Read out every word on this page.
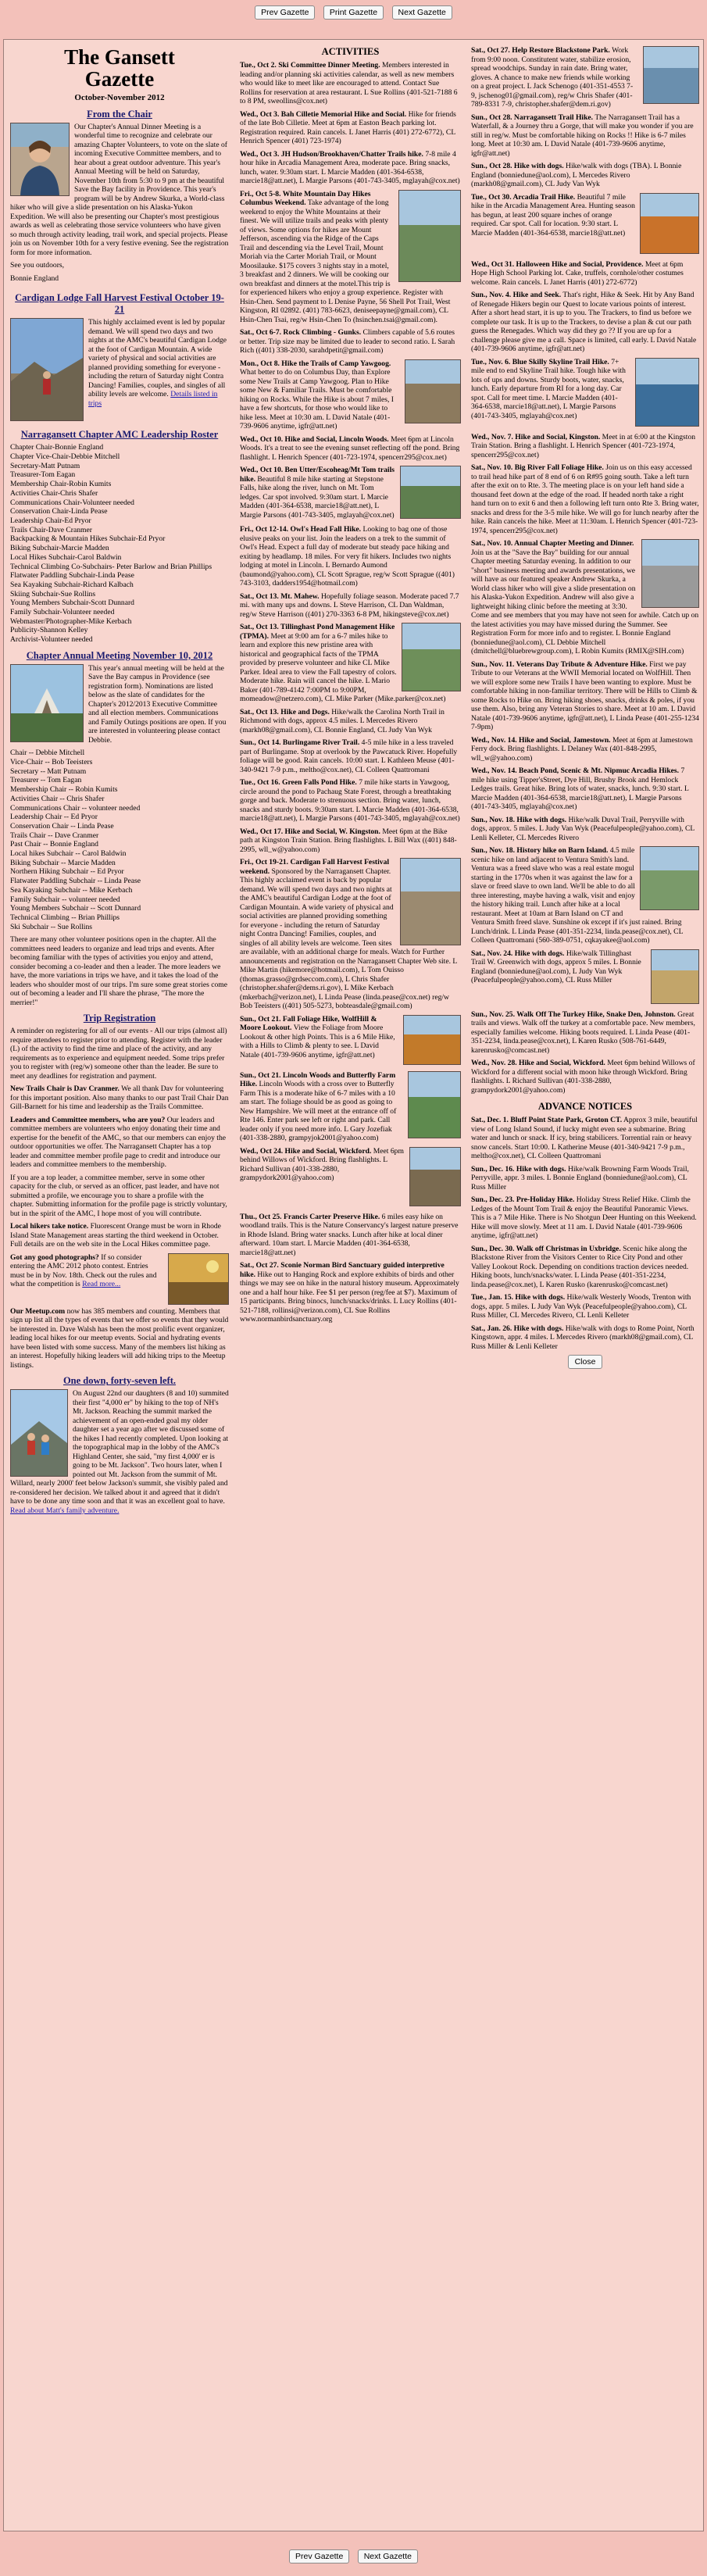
Prev Gazette	Print Gazette	Next Gazette
The Gansett
Gazette
October-November 2012
From the Chair

Our Chapter's Annual Dinner Meeting is a wonderful time to recognize and celebrate our amazing Chapter Volunteers, to vote on the slate of incoming Executive Committee members, and to hear about a great outdoor adventure. This year's Annual Meeting will be held on Saturday, November 10th from 5:30 to 9 pm at the beautiful Save the Bay facility in Providence. This year's program will be by Andrew Skurka, a World-class hiker who will give a slide presentation on his Alaska-Yukon Expedition. We will also be presenting our Chapter's most prestigious awards as well as celebrating those service volunteers who have given so much through activity leading, trail work, and special projects. Please join us on November 10th for a very festive evening. See the registration form for more information.

See you outdoors,

Bonnie England

Cardigan Lodge Fall Harvest Festival October 19-21

This highly acclaimed event is led by popular demand. We will spend two days and two nights at the AMC's beautiful Cardigan Lodge at the foot of Cardigan Mountain. A wide variety of physical and social activities are planned providing something for everyone - including the return of Saturday night Contra Dancing! Families, couples, and singles of all ability levels are welcome. Details listed in trips

Narragansett Chapter AMC Leadership Roster
Chapter Chair-Bonnie England
Chapter Vice-Chair-Debbie Mitchell
Secretary-Matt Putnam
Treasurer-Tom Eagan
Membership Chair-Robin Kumits
Activities Chair-Chris Shafer
Communications Chair-Volunteer needed
Conservation Chair-Linda Pease
Leadership Chair-Ed Pryor
Trails Chair-Dave Cranmer
Backpacking & Mountain Hikes Subchair-Ed Pryor
Biking Subchair-Marcie Madden
Local Hikes Subchair-Carol Baldwin
Technical Climbing Co-Subchairs- Peter Barlow and Brian Phillips
Flatwater Paddling Subchair-Linda Pease
Sea Kayaking Subchair-Richard Kalbach
Skiing Subchair-Sue Rollins
Young Members Subchair-Scott Dunnard
Family Subchair-Volunteer needed
Webmaster/Photographer-Mike Kerbach
Publicity-Shannon Kelley
Archivist-Volunteer needed
Chapter Annual Meeting November 10, 2012

This year's annual meeting will be held at the Save the Bay campus in Providence (see registration form). Nominations are listed below as the slate of candidates for the Chapter's 2012/2013 Executive Committee and all election members. Communications and Family Outings positions are open. If you are interested in volunteering please contact Debbie.

Chair -- Debbie Mitchell
Vice-Chair -- Bob Teeisters
Secretary -- Matt Putnam
Treasurer -- Tom Eagan
Membership Chair -- Robin Kumits
Activities Chair -- Chris Shafer
Communications Chair -- volunteer needed
Leadership Chair -- Ed Pryor
Conservation Chair -- Linda Pease
Trails Chair -- Dave Cranmer
Past Chair -- Bonnie England
Local hikes Subchair -- Carol Baldwin
Biking Subchair -- Marcie Madden
Northern Hiking Subchair -- Ed Pryor
Flatwater Paddling Subchair -- Linda Pease
Sea Kayaking Subchair -- Mike Kerbach
Family Subchair -- volunteer needed
Young Members Subchair -- Scott Dunnard
Technical Climbing -- Brian Phillips
Ski Subchair -- Sue Rollins

There are many other volunteer positions open in the chapter. All the committees need leaders to organize and lead trips and events. After becoming familiar with the types of activities you enjoy and attend, consider becoming a co-leader and then a leader. The more leaders we have, the more variations in trips we have, and it takes the load of the leaders who shoulder most of our trips. I'm sure some great stories come out of becoming a leader and I'll share the phrase, "The more the merrier!"

Trip Registration

A reminder on registering for all of our events - All our trips (almost all) require attendees to register prior to attending. Register with the leader (L) of the activity to find the time and place of the activity, and any requirements as to experience and equipment needed. Some trips prefer you to register with (reg/w) someone other than the leader. Be sure to meet any deadlines for registration and payment.

New Trails Chair is Dav Cranmer. We all thank Dav for volunteering for this important position. Also many thanks to our past Trail Chair Dan Gill-Barnett for his time and leadership as the Trails Committee.

Leaders and Committee members, who are you? Our leaders and committee members are volunteers who enjoy donating their time and expertise for the benefit of the AMC, so that our members can enjoy the outdoor opportunities we offer. The Narragansett Chapter has a top leader and committee member profile page to credit and introduce our leaders and committee members to the membership.

If you are a top leader, a committee member, serve in some other capacity for the club, or served as an officer, past leader, and have not submitted a profile, we encourage you to share a profile with the chapter. Submitting information for the profile page is strictly voluntary, but in the spirit of the AMC, I hope most of you will contribute.

Local hikers take notice. Fluorescent Orange must be worn in Rhode Island State Management areas starting the third weekend in October. Full details are on the web site in the Local Hikes committee page.

Got any good photographs? If so consider entering the AMC 2012 photo contest. Entries must be in by Nov. 18th. Check out the rules and what the competition is Read more...

Our Meetup.com now has 385 members and counting. Members that sign up list all the types of events that we offer so events that they would be interested in. Dave Walsh has been the most prolific event organizer, leading local hikes for our meetup events. Social and hydrating events have been listed with some success. Many of the members list hiking as an interest. Hopefully hiking leaders will add hiking trips to the Meetup listings.

One down, forty-seven left.

On August 22nd our daughters (8 and 10) summited their first "4,000 er" by hiking to the top of NH's Mt. Jackson. Reaching the summit marked the achievement of an open-ended goal my older daughter set a year ago after we discussed some of the hikes I had recently completed. Upon looking at the topographical map in the lobby of the AMC's Highland Center, she said, "my first 4,000' er is going to be Mt. Jackson". Two hours later, when I pointed out Mt. Jackson from the summit of Mt. Willard, nearly 2000' feet below Jackson's summit, she visibly paled and re-considered her decision. We talked about it and agreed that it didn't have to be done any time soon and that it was an excellent goal to have. Read about Matt's family adventure.

ACTIVITIES
Tue., Oct 2. Ski Committee Dinner Meeting. Members interested in leading and/or planning ski activities calendar, as well as new members who would like to meet like are encouraged to attend. Contact Sue Rollins for reservation at area restaurant. L Sue Rollins (401-521-7188 6 to 8 PM, sweollins@cox.net)
Wed., Oct 3. Bah Cilletie Memorial Hike and Social. Hike for friends of the late Bob Cilletie. Meet at 6pm at Easton Beach parking lot. Registration required. Rain cancels. L Janet Harris (401) 272-6772), CL Henrich Spencer (401) 723-1974)
Wed., Oct 3. JH Hudson/Brookhaven/Chatter Trails hike. 7-8 mile 4 hour hike in Arcadia Management Area, moderate pace. Bring snacks, lunch, water. 9:30am start. L Marcie Madden (401-364-6538, marcie18@att.net), L Margie Parsons (401-743-3405, mglayah@cox.net)
Fri., Oct 5-8. White Mountain Day Hikes Columbus Weekend. Take advantage of the long weekend to enjoy the White Mountains at their finest. We will utilize trails and peaks with plenty of views. Some options for hikes are Mount Jefferson, ascending via the Ridge of the Caps Trail and descending via the Level Trail, Mount Moriah via the Carter Moriah Trail, or Mount Moosilauke. $175 covers 3 nights stay in a motel, 3 breakfast and 2 dinners. We will be cooking our own breakfast and dinners at the motel.This trip is for experienced hikers who enjoy a group experience. Register with Hsin-Chen. Send payment to L Denise Payne, 56 Shell Pot Trail, West Kingston, RI 02892. (401) 783-6623, deniseepayne@gmail.com), CL Hsin-Chen Tsai, reg/w Hsin-Chen To (hsinchen.tsai@gmail.com).
Sat., Oct 6-7. Rock Climbing - Gunks. Climbers capable of 5.6 routes or better. Trip size may be limited due to leader to second ratio. L Sarah Rich ((401) 338-2030, sarahdpetit@gmail.com)
Mon., Oct 8. Hike the Trails of Camp Yawgoog. What better to do on Columbus Day, than Explore some New Trails at Camp Yawgoog. Plan to Hike some New & Familiar Trails. Must be comfortable hiking on Rocks. While the Hike is about 7 miles, I have a few shortcuts, for those who would like to hike less. Meet at 10:30 am. L David Natale (401-739-9606 anytime, igfr@att.net)
Wed., Oct 10. Hike and Social, Lincoln Woods. Meet 6pm at Lincoln Woods. It's a treat to see the evening sunset reflecting off the pond. Bring flashlight. L Henrich Spencer (401-723-1974, spencerr295@cox.net)
Wed., Oct 10. Ben Utter/Escoheag/Mt Tom trails hike. Beautiful 8 mile hike starting at Stepstone Falls, hike along the river, lunch on Mt. Tom ledges. Car spot involved. 9:30am start. L Marcie Madden (401-364-6538, marcie18@att.net), L Margie Parsons (401-743-3405, mglayah@cox.net)
Fri., Oct 12-14. Owl's Head Fall Hike. Looking to bag one of those elusive peaks on your list. Join the leaders on a trek to the summit of Owl's Head. Expect a full day of moderate but steady pace hiking and exiting by headlamp. 18 miles. For very fit hikers. Includes two nights lodging at motel in Lincoln. L Bernardo Aumond (baumond@yahoo.com), CL Scott Sprague, reg/w Scott Sprague ((401) 743-3103, dadders1954@hotmail.com)
Sat., Oct 13. Mt. Mahew. Hopefully foliage season. Moderate paced 7.7 mi. with many ups and downs. L Steve Harrison, CL Dan Waldman, reg/w Steve Harrison ((401) 270-3363 6-8 PM, hikingsteve@cox.net)
Sat., Oct 13. Tillinghast Pond Management Hike (TPMA). Meet at 9:00 am for a 6-7 miles hike to learn and explore this new pristine area with historical and geographical facts of the TPMA provided by preserve volunteer and hike CL Mike Parker. Ideal area to view the Fall tapestry of colors. Moderate hike. Rain will cancel the hike. L Mario Baker (401-789-4142 7:00PM to 9:00PM, momeadow@netzero.com), CL Mike Parker (Mike.parker@cox.net)
Sat., Oct 13. Hike and Dogs. Hike/walk the Carolina North Trail in Richmond with dogs, approx 4.5 miles. L Mercedes Rivero (markh08@gmail.com), CL Bonnie England, CL Judy Van Wyk
Sun., Oct 14. Burlingame River Trail. 4-5 mile hike in a less traveled part of Burlingame. Stop at overlook by the Pawcatuck River. Hopefully foliage will be good. Rain cancels. 10:00 start. L Kathleen Meuse (401-340-9421 7-9 p.m., meltho@cox.net), CL Colleen Quattromani
Tue., Oct 16. Green Falls Pond Hike. 7 mile hike starts in Yawgoog, circle around the pond to Pachaug State Forest, through a breathtaking gorge and back. Moderate to strenuous section. Bring water, lunch, snacks and sturdy boots. 9:30am start. L Marcie Madden (401-364-6538, marcie18@att.net), L Margie Parsons (401-743-3405, mglayah@cox.net)
Wed., Oct 17. Hike and Social, W. Kingston. Meet 6pm at the Bike path at Kingston Train Station. Bring flashlights. L Bill Wax ((401) 848-2995, wll_w@yahoo.com)
Fri., Oct 19-21. Cardigan Fall Harvest Festival weekend. Sponsored by the Narragansett Chapter. This highly acclaimed event is back by popular demand. We will spend two days and two nights at the AMC's beautiful Cardigan Lodge at the foot of Cardigan Mountain. A wide variety of physical and social activities are planned providing something for everyone - including the return of Saturday night Contra Dancing! Families, couples, and singles of all ability levels are welcome. Teen sites are available, with an additional charge for meals. Watch for Further announcements and registration on the Narragansett Chapter Web site. L Mike Martin (hikemore@hotmail.com), L Tom Ouisso (thomas.grasso@grdseccom.com), L Chris Shafer (christopher.shafer@dems.ri.gov), L Mike Kerbach (mkerbach@verizon.net), L Linda Pease (linda.pease@cox.net) reg/w Bob Teeisters ((401) 505-5273, bobteasdale@gmail.com)
Sun., Oct 21. Fall Foliage Hike, WolfHill & Moore Lookout. View the Foliage from Moore Lookout & other high Points. This is a 6 Mile Hike, with a Hills to Climb & plenty to see. L David Natale (401-739-9606 anytime, igfr@att.net)
Sun., Oct 21. Lincoln Woods and Butterfly Farm Hike. Lincoln Woods with a cross over to Butterfly Farm This is a moderate hike of 6-7 miles with a 10 am start. The foliage should be as good as going to New Hampshire. We will meet at the entrance off of Rte 146. Enter park see left or right and park. Call leader only if you need more info. L Gary Jozefiak (401-338-2880, grampyjok2001@yahoo.com)
Wed., Oct 24. Hike and Social, Wickford. Meet 6pm behind Willows of Wickford. Bring flashlights. L Richard Sullivan (401-338-2880, grampydork2001@yahoo.com)
Thu., Oct 25. Francis Carter Preserve Hike. 6 miles easy hike on woodland trails. This is the Nature Conservancy's largest nature preserve in Rhode Island. Bring water snacks. Lunch after hike at local diner afterward. 10am start. L Marcie Madden (401-364-6538, marcie18@att.net)
Sat., Oct 27. Sconie Norman Bird Sanctuary guided interpretive hike. Hike out to Hanging Rock and explore exhibits of birds and other things we may see on hike in the natural history museum. Approximately one and a half hour hike. Fee $1 per person (reg/fee at $7). Maximum of 15 participants. Bring binocs, lunch/snacks/drinks. L Lucy Rollins (401-521-7188, rollinsi@verizon.com), CL Sue Rollins www.normanbirdsanctuary.org
Sat., Oct 27. Help Restore Blackstone Park. Work from 9:00 noon. Constitutent water, stabilize erosion, spread woodchips. Sunday in rain date. Bring water, gloves. A chance to make new friends while working on a great project. L Jack Schenogo (401-351-4553 7-9, jschenog01@gmail.com), reg/w Chris Shafer (401-789-8331 7-9, christopher.shafer@dem.ri.gov)
Sun., Oct 28. Narragansett Trail Hike. The Narragansett Trail has a Waterfall, & a Journey thru a Gorge, that will make you wonder if you are still in reg/w. Must be comfortable hiking on Rocks !! Hike is 6-7 miles long. Meet at 10:30 am. L David Natale (401-739-9606 anytime, igfr@att.net)
Sun., Oct 28. Hike with dogs. Hike/walk with dogs (TBA). L Bonnie England (bonniedune@aol.com), L Mercedes Rivero (markh08@gmail.com), CL Judy Van Wyk
Tue., Oct 30. Arcadia Trail Hike. Beautiful 7 mile hike in the Arcadia Management Area. Hunting season has begun, at least 200 square inches of orange required. Car spot. Call for location. 9:30 start. L Marcie Madden (401-364-6538, marcie18@att.net)
Wed., Oct 31. Halloween Hike and Social, Providence. Meet at 6pm Hope High School Parking lot. Cake, truffels, cornhole/other costumes welcome. Rain cancels. L Janet Harris (401) 272-6772)
Sun., Nov. 4. Hike and Seek. That's right, Hike & Seek. Hit by Any Band of Renegade Hikers begin our Quest to locate various points of interest. After a short head start, it is up to you. The Trackers, to find us before we complete our task. It is up to the Trackers, to devise a plan & cut our path guess the Renegades. Which way did they go ?? If you are up for a challenge please give me a call. Space is limited, call early. L David Natale (401-739-9606 anytime, igfr@att.net)
Tue., Nov. 6. Blue Skilly Skyline Trail Hike. 7+ mile end to end Skyline Trail hike. Tough hike with lots of ups and downs. Sturdy boots, water, snacks, lunch. Early departure from RI for a long day. Car spot. Call for meet time. L Marcie Madden (401-364-6538, marcie18@att.net), L Margie Parsons (401-743-3405, mglayah@cox.net)
Wed., Nov. 7. Hike and Social, Kingston. Meet in at 6:00 at the Kingston Train Station. Bring a flashlight. L Henrich Spencer (401-723-1974, spencerr295@cox.net)
Sat., Nov. 10. Big River Fall Foliage Hike. Join us on this easy accessed to trail head hike part of 8 end of 6 on R#95 going south. Take a left turn after the exit on to Rte. 3. The meeting place is on your left hand side a thousand feet down at the edge of the road. If headed north take a right hand turn on to exit 6 and then a following left turn onto Rte 3. Bring water, snacks and dress for the 3-5 mile hike. We will go for lunch nearby after the hike. Rain cancels the hike. Meet at 11:30am. L Henrich Spencer (401-723-1974, spencerr295@cox.net)
Sat., Nov. 10. Annual Chapter Meeting and Dinner. Join us at the "Save the Bay" building for our annual Chapter meeting Saturday evening. In addition to our "short" business meeting and awards presentations, we will have as our featured speaker Andrew Skurka, a World class hiker who will give a slide presentation on his Alaska-Yukon Expedition. Andrew will also give a lightweight hiking clinic before the meeting at 3:30. Come and see members that you may have not seen for awhile. Catch up on the latest activities you may have missed during the Summer. See Registration Form for more info and to register. L Bonnie England (bonniedune@aol.com), CL Debbie Mitchell (dmitchell@bluebrewgroup.com), L Robin Kumits (RMIX@SIH.com)
Sun., Nov. 11. Veterans Day Tribute & Adventure Hike. First we pay Tribute to our Veterans at the WWII Memorial located on WolfHill. Then we will explore some new Trails I have been wanting to explore. Must be comfortable hiking in non-familiar territory. There will be Hills to Climb & some Rocks to Hike on. Bring hiking shoes, snacks, drinks & poles, if you use them. Also, bring any Veteran Stories to share. Meet at 10 am. L David Natale (401-739-9606 anytime, igfr@att.net), L Linda Pease (401-255-1234 7-9pm)
Wed., Nov. 14. Hike and Social, Jamestown. Meet at 6pm at Jamestown Ferry dock. Bring flashlights. L Delaney Wax (401-848-2995, wll_w@yahoo.com)
Wed., Nov. 14. Beach Pond, Scenic & Mt. Nipmuc Arcadia Hikes. 7 mile hike using Tipper'sStreet, Dye Hill, Brushy Brook and Hemlock Ledges trails. Great hike. Bring lots of water, snacks, lunch. 9:30 start. L Marcie Madden (401-364-6538, marcie18@att.net), L Margie Parsons (401-743-3405, mglayah@cox.net)
Sun., Nov. 18. Hike with dogs. Hike/walk Duval Trail, Perryville with dogs, approx. 5 miles. L Judy Van Wyk (Peacefulpeople@yahoo.com), CL Lenli Kelleter, CL Mercedes Rivero
Sun., Nov. 18. History hike on Barn Island. 4.5 mile scenic hike on land adjacent to Ventura Smith's land. Ventura was a freed slave who was a real estate mogul starting in the 1770s when it was against the law for a slave or freed slave to own land. We'll be able to do all three interesting, maybe having a walk, visit and enjoy the history hiking trail. Lunch after hike at a local restaurant. Meet at 10am at Barn Island on CT and Ventura Smith freed slave. Sunshine ok except if it's just rained. Bring Lunch/drink. L Linda Pease (401-351-2234, linda.pease@cox.net), CL Colleen Quattromani (560-389-0751, cqkayakee@aol.com)
Sat., Nov. 24. Hike with dogs. Hike/walk Tillinghast Trail W. Greenwich with dogs, approx 5 miles. L Bonnie England (bonniedune@aol.com), L Judy Van Wyk (Peacefulpeople@yahoo.com), CL Russ Miller
Sun., Nov. 25. Walk Off The Turkey Hike, Snake Den, Johnston. Great trails and views. Walk off the turkey at a comfortable pace. New members, especially families welcome. Hiking boots required. L Linda Pease (401-351-2234, linda.pease@cox.net), L Karen Rusko (508-761-6449, karenrusko@comcast.net)
Wed., Nov. 28. Hike and Social, Wickford. Meet 6pm behind Willows of Wickford for a different social with moon hike through Wickford. Bring flashlights. L Richard Sullivan (401-338-2880, grampydork2001@yahoo.com)
ADVANCE NOTICES
Sat., Dec. 1. Bluff Point State Park, Groton CT. Approx 3 mile, beautiful view of Long Island Sound, if lucky might even see a submarine. Bring water and lunch or snack. If icy, bring stabilicers. Torrential rain or heavy snow cancels. Start 10:00. L Katherine Meuse (401-340-9421 7-9 p.m., meltho@cox.net), CL Colleen Quattromani
Sun., Dec. 16. Hike with dogs. Hike/walk Browning Farm Woods Trail, Perryville, appr. 3 miles. L Bonnie England (bonniedune@aol.com), CL Russ Miller
Sun., Dec. 23. Pre-Holiday Hike. Holiday Stress Relief Hike. Climb the Ledges of the Mount Tom Trail & enjoy the Beautiful Panoramic Views. This is a 7 Mile Hike. There is No Shotgun Deer Hunting on this Weekend. Hike will move slowly. Meet at 11 am. L David Natale (401-739-9606 anytime, igfr@att.net)
Sun., Dec. 30. Walk off Christmas in Uxbridge. Scenic hike along the Blackstone River from the Visitors Center to Rice City Pond and other Valley Lookout Rock. Depending on conditions traction devices needed. Hiking boots, lunch/snacks/water. L Linda Pease (401-351-2234, linda.pease@cox.net), L Karen Rusko (karenrusko@comcast.net)
Tue., Jan. 15. Hike with dogs. Hike/walk Westerly Woods, Trenton with dogs, appr. 5 miles. L Judy Van Wyk (Peacefulpeople@yahoo.com), CL Russ Miller, CL Mercedes Rivero, CL Lenli Kelleter
Sat., Jan. 26. Hike with dogs. Hike/walk with dogs to Rome Point, North Kingstown, appr. 4 miles. L Mercedes Rivero (markh08@gmail.com), CL Russ Miller & Lenli Kelleter
Close
Prev Gazette	Next Gazette
